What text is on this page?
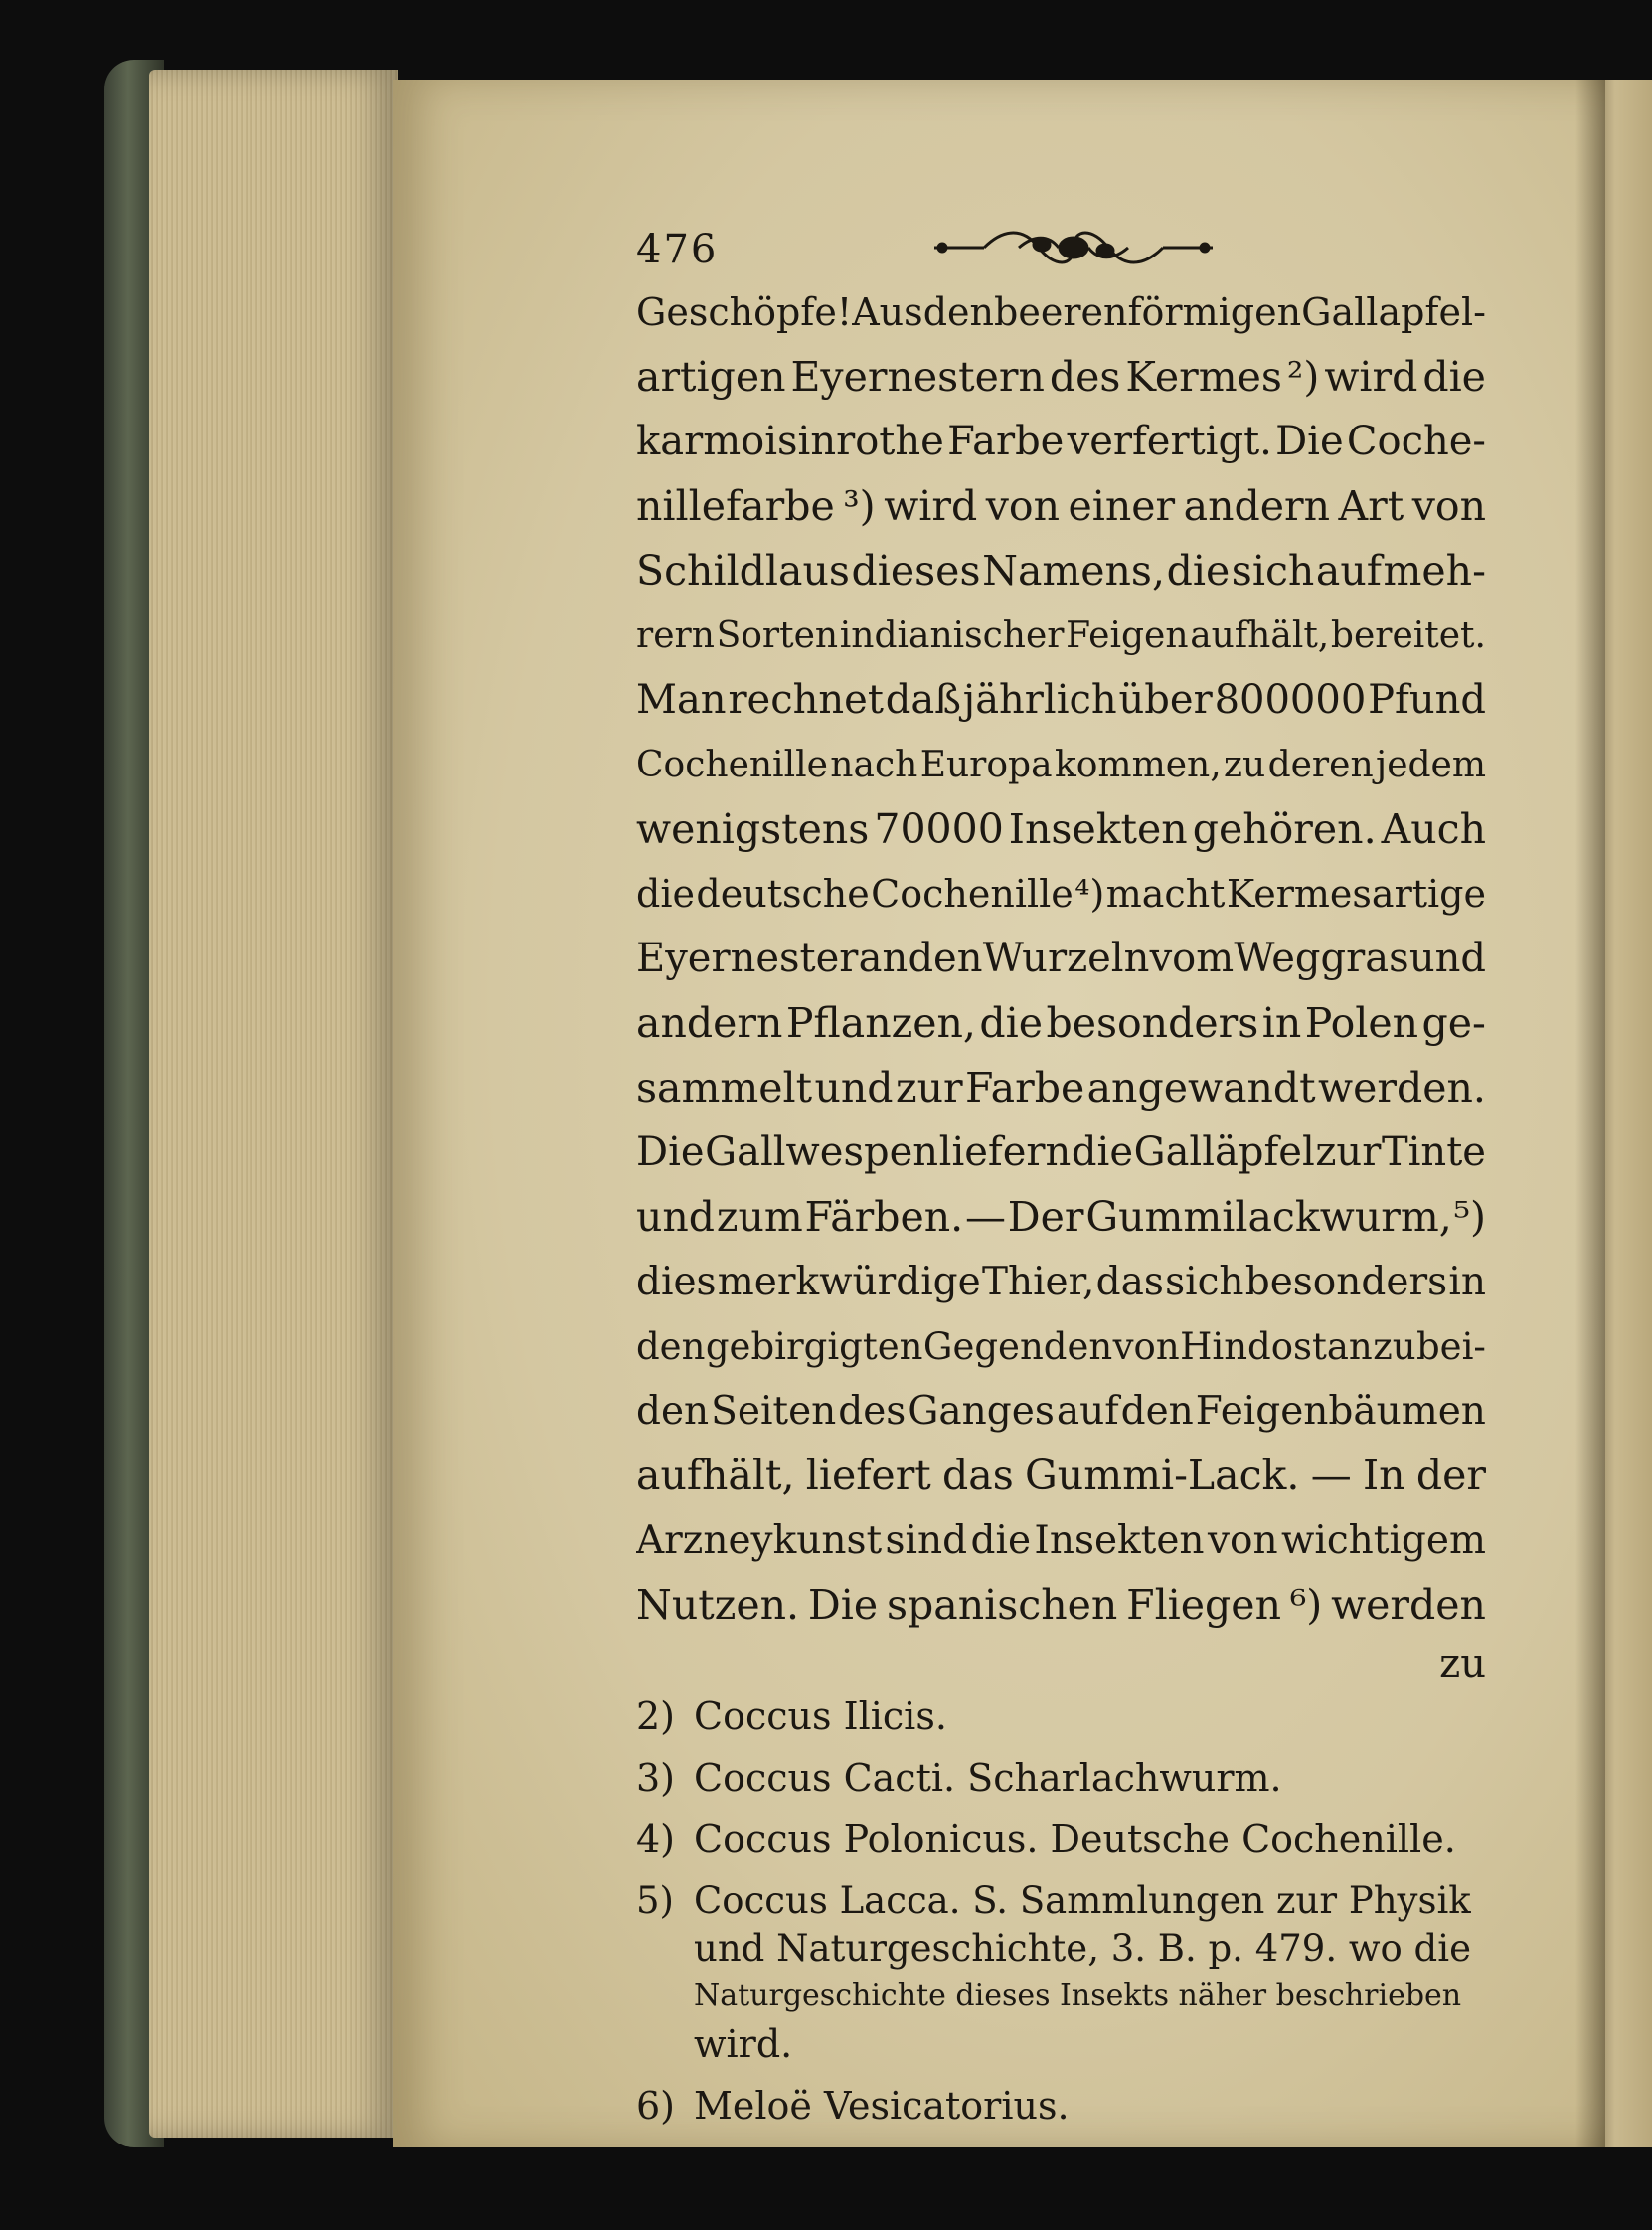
476
Geschöpfe! Aus den beerenförmigen Gallapfel-
artigen Eyernestern des Kermes ²) wird die
karmoisinrothe Farbe verfertigt. Die Coche-
nillefarbe ³) wird von einer andern Art von
Schildlaus dieses Namens, die sich auf meh-
rern Sorten indianischer Feigen aufhält, bereitet.
Man rechnet daß jährlich über 800000 Pfund
Cochenille nach Europa kommen, zu deren jedem
wenigstens 70000 Insekten gehören. Auch
die deutsche Cochenille ⁴) macht Kermesartige
Eyernester an den Wurzeln vom Weggras und
andern Pflanzen, die besonders in Polen ge-
sammelt und zur Farbe angewandt werden.
Die Gallwespen liefern die Galläpfel zur Tinte
und zum Färben. — Der Gummilackwurm, ⁵)
dies merkwürdige Thier, das sich besonders in
den gebirgigten Gegenden von Hindostan zu bei-
den Seiten des Ganges auf den Feigenbäumen
aufhält, liefert das Gummi-Lack. — In der
Arzneykunst sind die Insekten von wichtigem
Nutzen. Die spanischen Fliegen ⁶) werden
zu
2) Coccus Ilicis.
3) Coccus Cacti. Scharlachwurm.
4) Coccus Polonicus. Deutsche Cochenille.
5) Coccus Lacca. S. Sammlungen zur Physik
und Naturgeschichte, 3. B. p. 479. wo die
Naturgeschichte dieses Insekts näher beschrieben
wird.
6) Meloë Vesicatorius.
